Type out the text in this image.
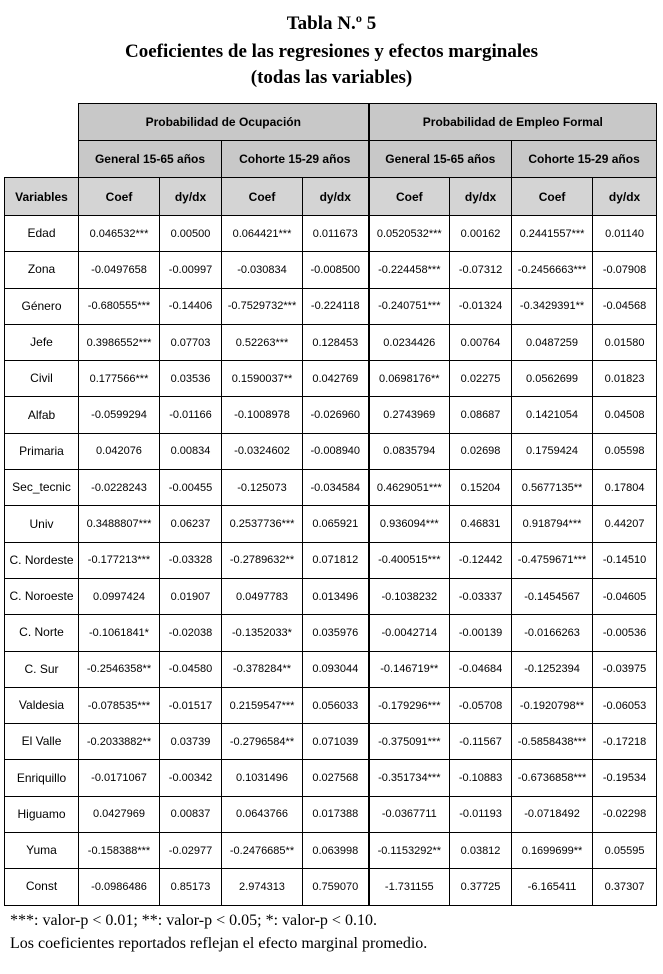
Tabla N.º 5
Coeficientes de las regresiones y efectos marginales
(todas las variables)
	Probabilidad de Ocupación				Probabilidad de Empleo Formal			
	General 15-65 años		Cohorte 15-29 años		General 15-65 años		Cohorte 15-29 años	
Variables	Coef	dy/dx	Coef	dy/dx	Coef	dy/dx	Coef	dy/dx
Edad	0.046532***	0.00500	0.064421***	0.011673	0.0520532***	0.00162	0.2441557***	0.01140
Zona	-0.0497658	-0.00997	-0.030834	-0.008500	-0.224458***	-0.07312	-0.2456663***	-0.07908
Género	-0.680555***	-0.14406	-0.7529732***	-0.224118	-0.240751***	-0.01324	-0.3429391**	-0.04568
Jefe	0.3986552***	0.07703	0.52263***	0.128453	0.0234426	0.00764	0.0487259	0.01580
Civil	0.177566***	0.03536	0.1590037**	0.042769	0.0698176**	0.02275	0.0562699	0.01823
Alfab	-0.0599294	-0.01166	-0.1008978	-0.026960	0.2743969	0.08687	0.1421054	0.04508
Primaria	0.042076	0.00834	-0.0324602	-0.008940	0.0835794	0.02698	0.1759424	0.05598
Sec_tecnic	-0.0228243	-0.00455	-0.125073	-0.034584	0.4629051***	0.15204	0.5677135**	0.17804
Univ	0.3488807***	0.06237	0.2537736***	0.065921	0.936094***	0.46831	0.918794***	0.44207
C. Nordeste	-0.177213***	-0.03328	-0.2789632**	0.071812	-0.400515***	-0.12442	-0.4759671***	-0.14510
C. Noroeste	0.0997424	0.01907	0.0497783	0.013496	-0.1038232	-0.03337	-0.1454567	-0.04605
C. Norte	-0.1061841*	-0.02038	-0.1352033*	0.035976	-0.0042714	-0.00139	-0.0166263	-0.00536
C. Sur	-0.2546358**	-0.04580	-0.378284**	0.093044	-0.146719**	-0.04684	-0.1252394	-0.03975
Valdesia	-0.078535***	-0.01517	0.2159547***	0.056033	-0.179296***	-0.05708	-0.1920798**	-0.06053
El Valle	-0.2033882**	0.03739	-0.2796584**	0.071039	-0.375091***	-0.11567	-0.5858438***	-0.17218
Enriquillo	-0.0171067	-0.00342	0.1031496	0.027568	-0.351734***	-0.10883	-0.6736858***	-0.19534
Higuamo	0.0427969	0.00837	0.0643766	0.017388	-0.0367711	-0.01193	-0.0718492	-0.02298
Yuma	-0.158388***	-0.02977	-0.2476685**	0.063998	-0.1153292**	0.03812	0.1699699**	0.05595
Const	-0.0986486	0.85173	2.974313	0.759070	-1.731155	0.37725	-6.165411	0.37307
***: valor-p < 0.01; **: valor-p < 0.05; *: valor-p < 0.10.
Los coeficientes reportados reflejan el efecto marginal promedio.
